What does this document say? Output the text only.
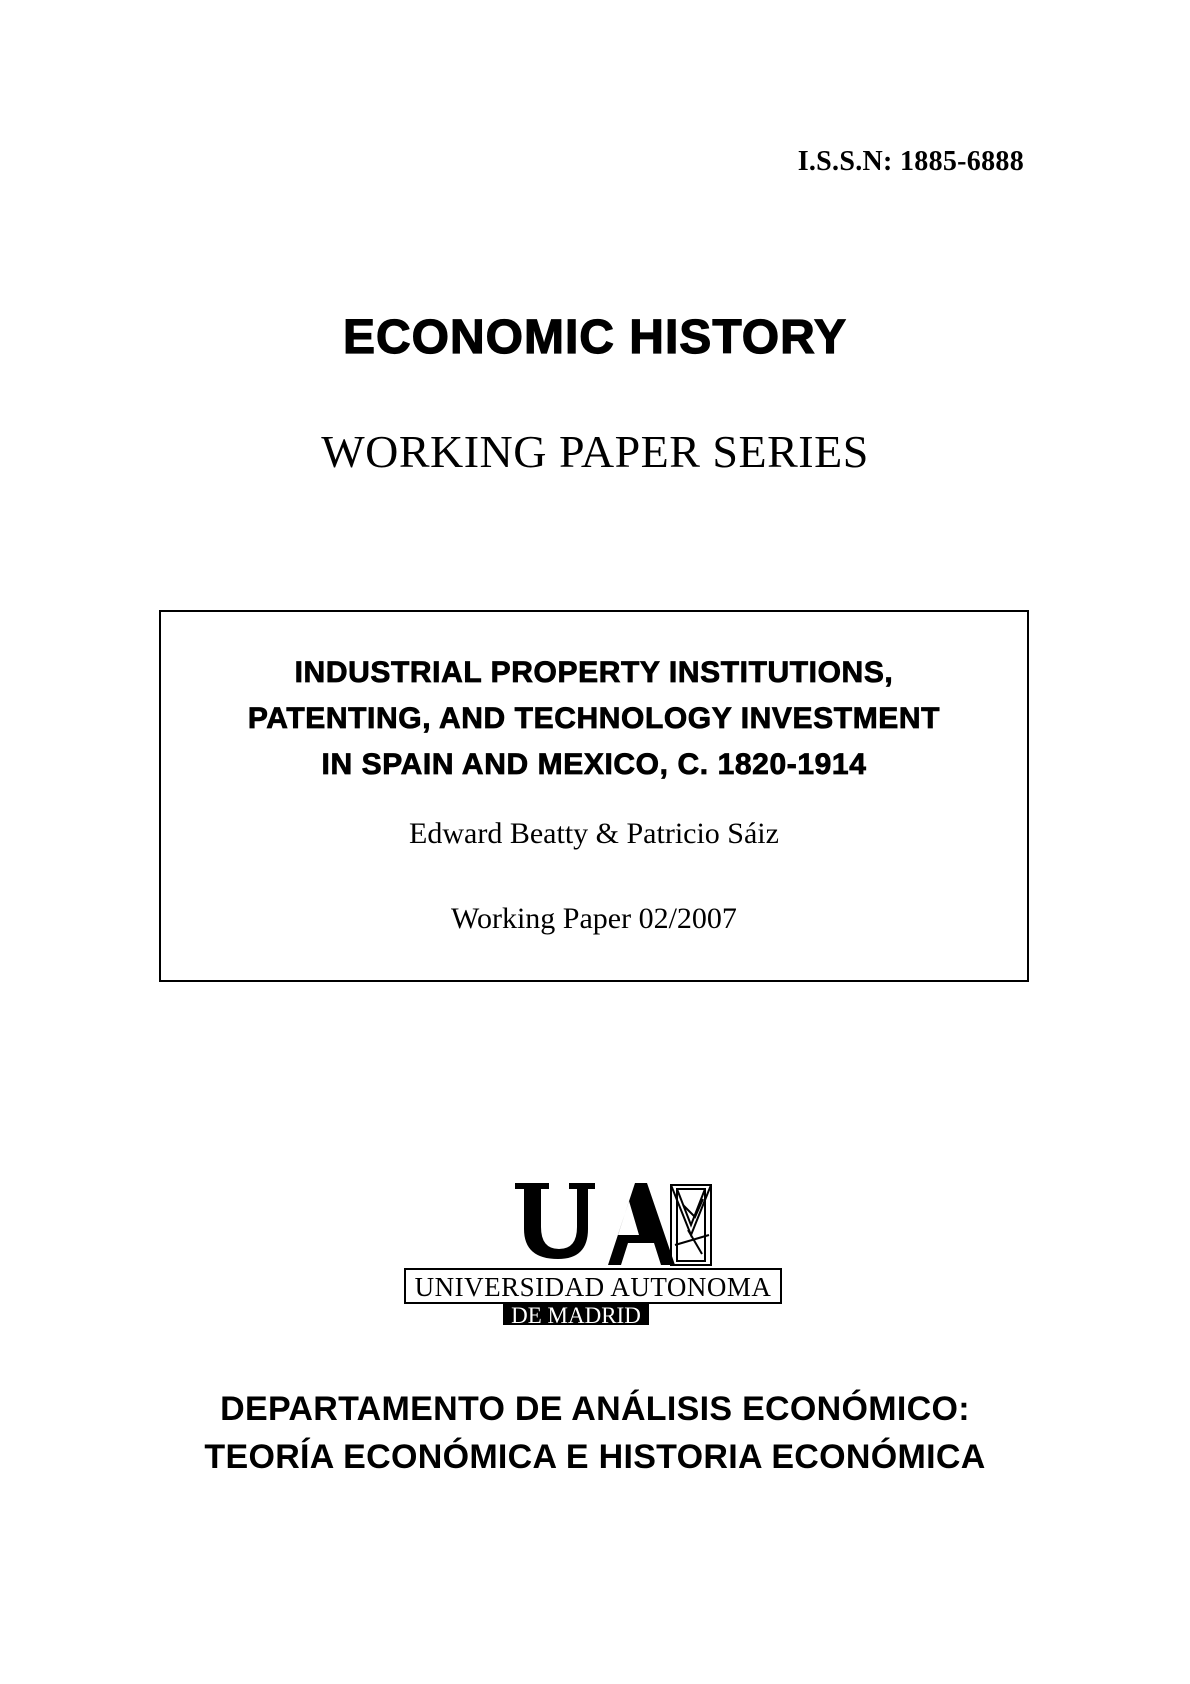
I.S.S.N: 1885-6888
ECONOMIC HISTORY
WORKING PAPER SERIES
INDUSTRIAL PROPERTY INSTITUTIONS,
PATENTING, AND TECHNOLOGY INVESTMENT
IN SPAIN AND MEXICO, C. 1820-1914
Edward Beatty & Patricio Sáiz
Working Paper 02/2007
UNIVERSIDAD AUTONOMA
DE MADRID
DEPARTAMENTO DE ANÁLISIS ECONÓMICO:
TEORÍA ECONÓMICA E HISTORIA ECONÓMICA
